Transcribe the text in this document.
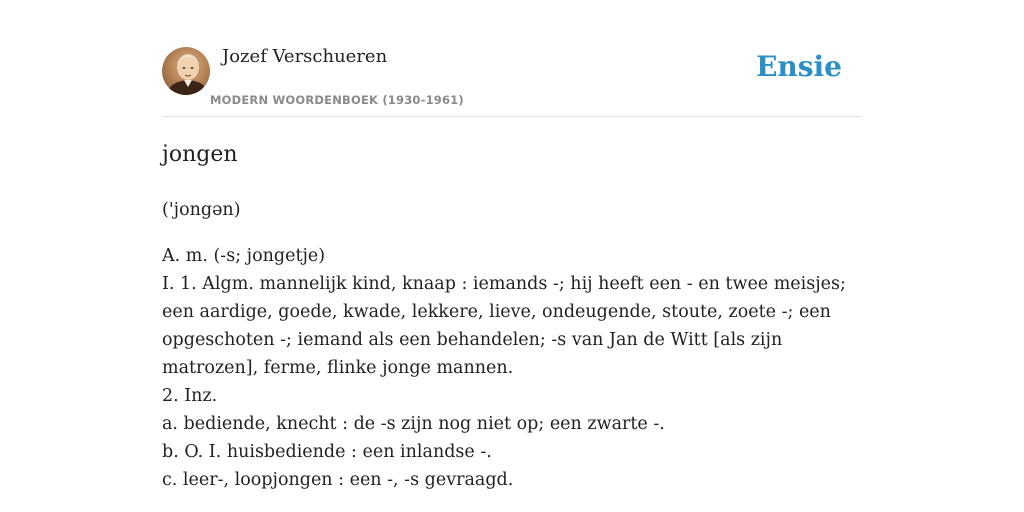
Jozef Verschueren
MODERN WOORDENBOEK (1930-1961)
Ensie
jongen
('jongən)
A. m. (-s; jongetje)
I. 1. Algm. mannelijk kind, knaap : iemands -; hij heeft een - en twee meisjes; een aardige, goede, kwade, lekkere, lieve, ondeugende, stoute, zoete -; een opgeschoten -; iemand als een behandelen; -s van Jan de Witt [als zijn matrozen], ferme, flinke jonge mannen.
2. Inz.
a. bediende, knecht : de -s zijn nog niet op; een zwarte -.
b. O. I. huisbediende : een inlandse -.
c. leer-, loopjongen : een -, -s gevraagd.
